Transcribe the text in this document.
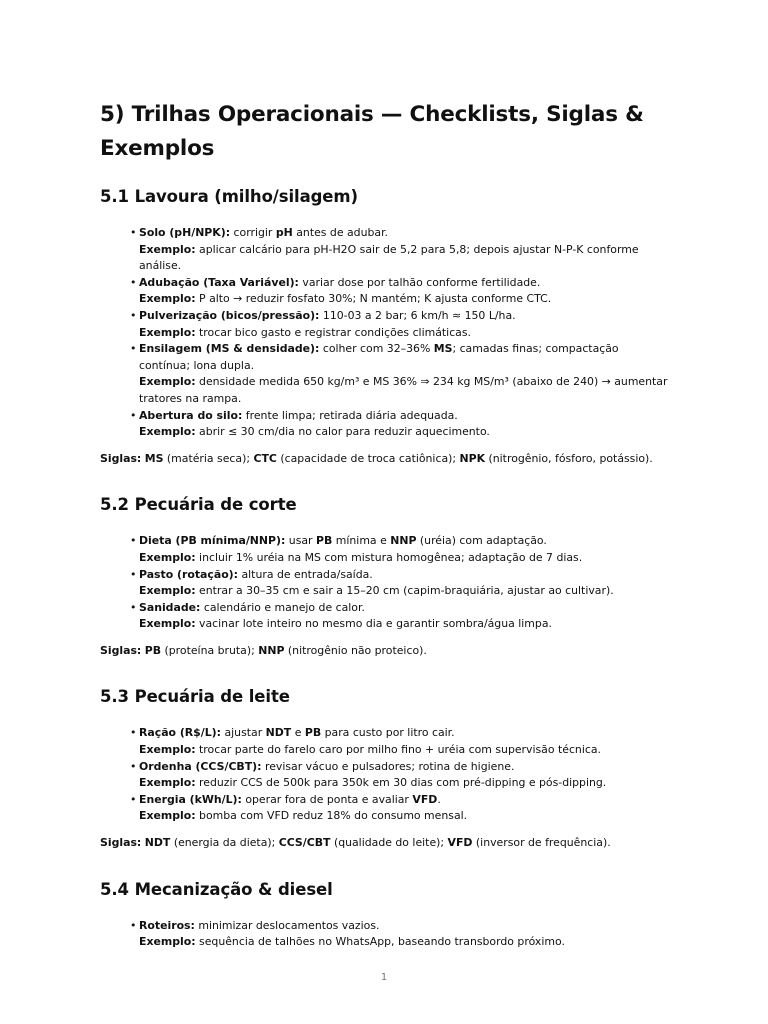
5) Trilhas Operacionais — Checklists, Siglas & Exemplos
5.1 Lavoura (milho/silagem)
• Solo (pH/NPK): corrigir pH antes de adubar.
Exemplo: aplicar calcário para pH-H2O sair de 5,2 para 5,8; depois ajustar N-P-K conforme análise.
• Adubação (Taxa Variável): variar dose por talhão conforme fertilidade.
Exemplo: P alto → reduzir fosfato 30%; N mantém; K ajusta conforme CTC.
• Pulverização (bicos/pressão): 110-03 a 2 bar; 6 km/h ≈ 150 L/ha.
Exemplo: trocar bico gasto e registrar condições climáticas.
• Ensilagem (MS & densidade): colher com 32–36% MS; camadas finas; compactação contínua; lona dupla.
Exemplo: densidade medida 650 kg/m³ e MS 36% ⇒ 234 kg MS/m³ (abaixo de 240) → aumentar tratores na rampa.
• Abertura do silo: frente limpa; retirada diária adequada.
Exemplo: abrir ≤ 30 cm/dia no calor para reduzir aquecimento.

Siglas: MS (matéria seca); CTC (capacidade de troca catiônica); NPK (nitrogênio, fósforo, potássio).

5.2 Pecuária de corte
• Dieta (PB mínima/NNP): usar PB mínima e NNP (uréia) com adaptação.
Exemplo: incluir 1% uréia na MS com mistura homogênea; adaptação de 7 dias.
• Pasto (rotação): altura de entrada/saída.
Exemplo: entrar a 30–35 cm e sair a 15–20 cm (capim-braquiária, ajustar ao cultivar).
• Sanidade: calendário e manejo de calor.
Exemplo: vacinar lote inteiro no mesmo dia e garantir sombra/água limpa.

Siglas: PB (proteína bruta); NNP (nitrogênio não proteico).

5.3 Pecuária de leite
• Ração (R$/L): ajustar NDT e PB para custo por litro cair.
Exemplo: trocar parte do farelo caro por milho fino + uréia com supervisão técnica.
• Ordenha (CCS/CBT): revisar vácuo e pulsadores; rotina de higiene.
Exemplo: reduzir CCS de 500k para 350k em 30 dias com pré-dipping e pós-dipping.
• Energia (kWh/L): operar fora de ponta e avaliar VFD.
Exemplo: bomba com VFD reduz 18% do consumo mensal.

Siglas: NDT (energia da dieta); CCS/CBT (qualidade do leite); VFD (inversor de frequência).

5.4 Mecanização & diesel
• Roteiros: minimizar deslocamentos vazios.
Exemplo: sequência de talhões no WhatsApp, baseando transbordo próximo.
1
